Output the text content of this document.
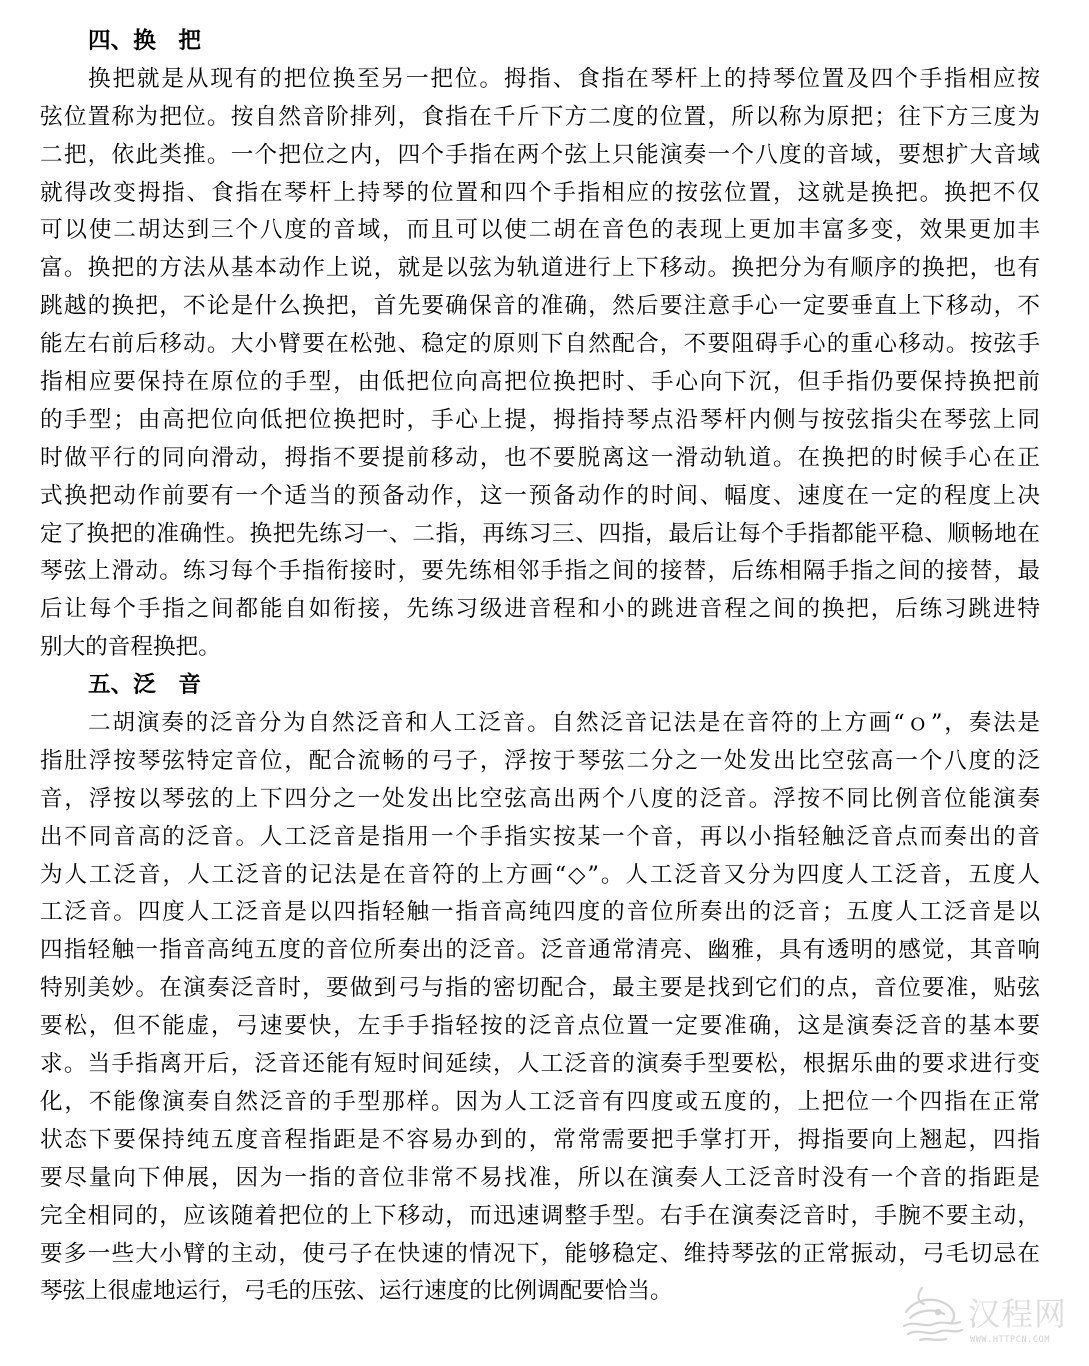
四、换　把
换把就是从现有的把位换至另一把位。拇指、食指在琴杆上的持琴位置及四个手指相应按
弦位置称为把位。按自然音阶排列，食指在千斤下方二度的位置，所以称为原把；往下方三度为
二把，依此类推。一个把位之内，四个手指在两个弦上只能演奏一个八度的音域，要想扩大音域
就得改变拇指、食指在琴杆上持琴的位置和四个手指相应的按弦位置，这就是换把。换把不仅
可以使二胡达到三个八度的音域，而且可以使二胡在音色的表现上更加丰富多变，效果更加丰
富。换把的方法从基本动作上说，就是以弦为轨道进行上下移动。换把分为有顺序的换把，也有
跳越的换把，不论是什么换把，首先要确保音的准确，然后要注意手心一定要垂直上下移动，不
能左右前后移动。大小臂要在松弛、稳定的原则下自然配合，不要阻碍手心的重心移动。按弦手
指相应要保持在原位的手型，由低把位向高把位换把时、手心向下沉，但手指仍要保持换把前
的手型；由高把位向低把位换把时，手心上提，拇指持琴点沿琴杆内侧与按弦指尖在琴弦上同
时做平行的同向滑动，拇指不要提前移动，也不要脱离这一滑动轨道。在换把的时候手心在正
式换把动作前要有一个适当的预备动作，这一预备动作的时间、幅度、速度在一定的程度上决
定了换把的准确性。换把先练习一、二指，再练习三、四指，最后让每个手指都能平稳、顺畅地在
琴弦上滑动。练习每个手指衔接时，要先练相邻手指之间的接替，后练相隔手指之间的接替，最
后让每个手指之间都能自如衔接，先练习级进音程和小的跳进音程之间的换把，后练习跳进特
别大的音程换把。
五、泛　音
二胡演奏的泛音分为自然泛音和人工泛音。自然泛音记法是在音符的上方画“ｏ”，奏法是
指肚浮按琴弦特定音位，配合流畅的弓子，浮按于琴弦二分之一处发出比空弦高一个八度的泛
音，浮按以琴弦的上下四分之一处发出比空弦高出两个八度的泛音。浮按不同比例音位能演奏
出不同音高的泛音。人工泛音是指用一个手指实按某一个音，再以小指轻触泛音点而奏出的音
为人工泛音，人工泛音的记法是在音符的上方画“◇”。人工泛音又分为四度人工泛音，五度人
工泛音。四度人工泛音是以四指轻触一指音高纯四度的音位所奏出的泛音；五度人工泛音是以
四指轻触一指音高纯五度的音位所奏出的泛音。泛音通常清亮、幽雅，具有透明的感觉，其音响
特别美妙。在演奏泛音时，要做到弓与指的密切配合，最主要是找到它们的点，音位要准，贴弦
要松，但不能虚，弓速要快，左手手指轻按的泛音点位置一定要准确，这是演奏泛音的基本要
求。当手指离开后，泛音还能有短时间延续，人工泛音的演奏手型要松，根据乐曲的要求进行变
化，不能像演奏自然泛音的手型那样。因为人工泛音有四度或五度的，上把位一个四指在正常
状态下要保持纯五度音程指距是不容易办到的，常常需要把手掌打开，拇指要向上翘起，四指
要尽量向下伸展，因为一指的音位非常不易找准，所以在演奏人工泛音时没有一个音的指距是
完全相同的，应该随着把位的上下移动，而迅速调整手型。右手在演奏泛音时，手腕不要主动，
要多一些大小臂的主动，使弓子在快速的情况下，能够稳定、维持琴弦的正常振动，弓毛切忌在
琴弦上很虚地运行，弓毛的压弦、运行速度的比例调配要恰当。
汉程网
WWW.HTTPCN.COM
